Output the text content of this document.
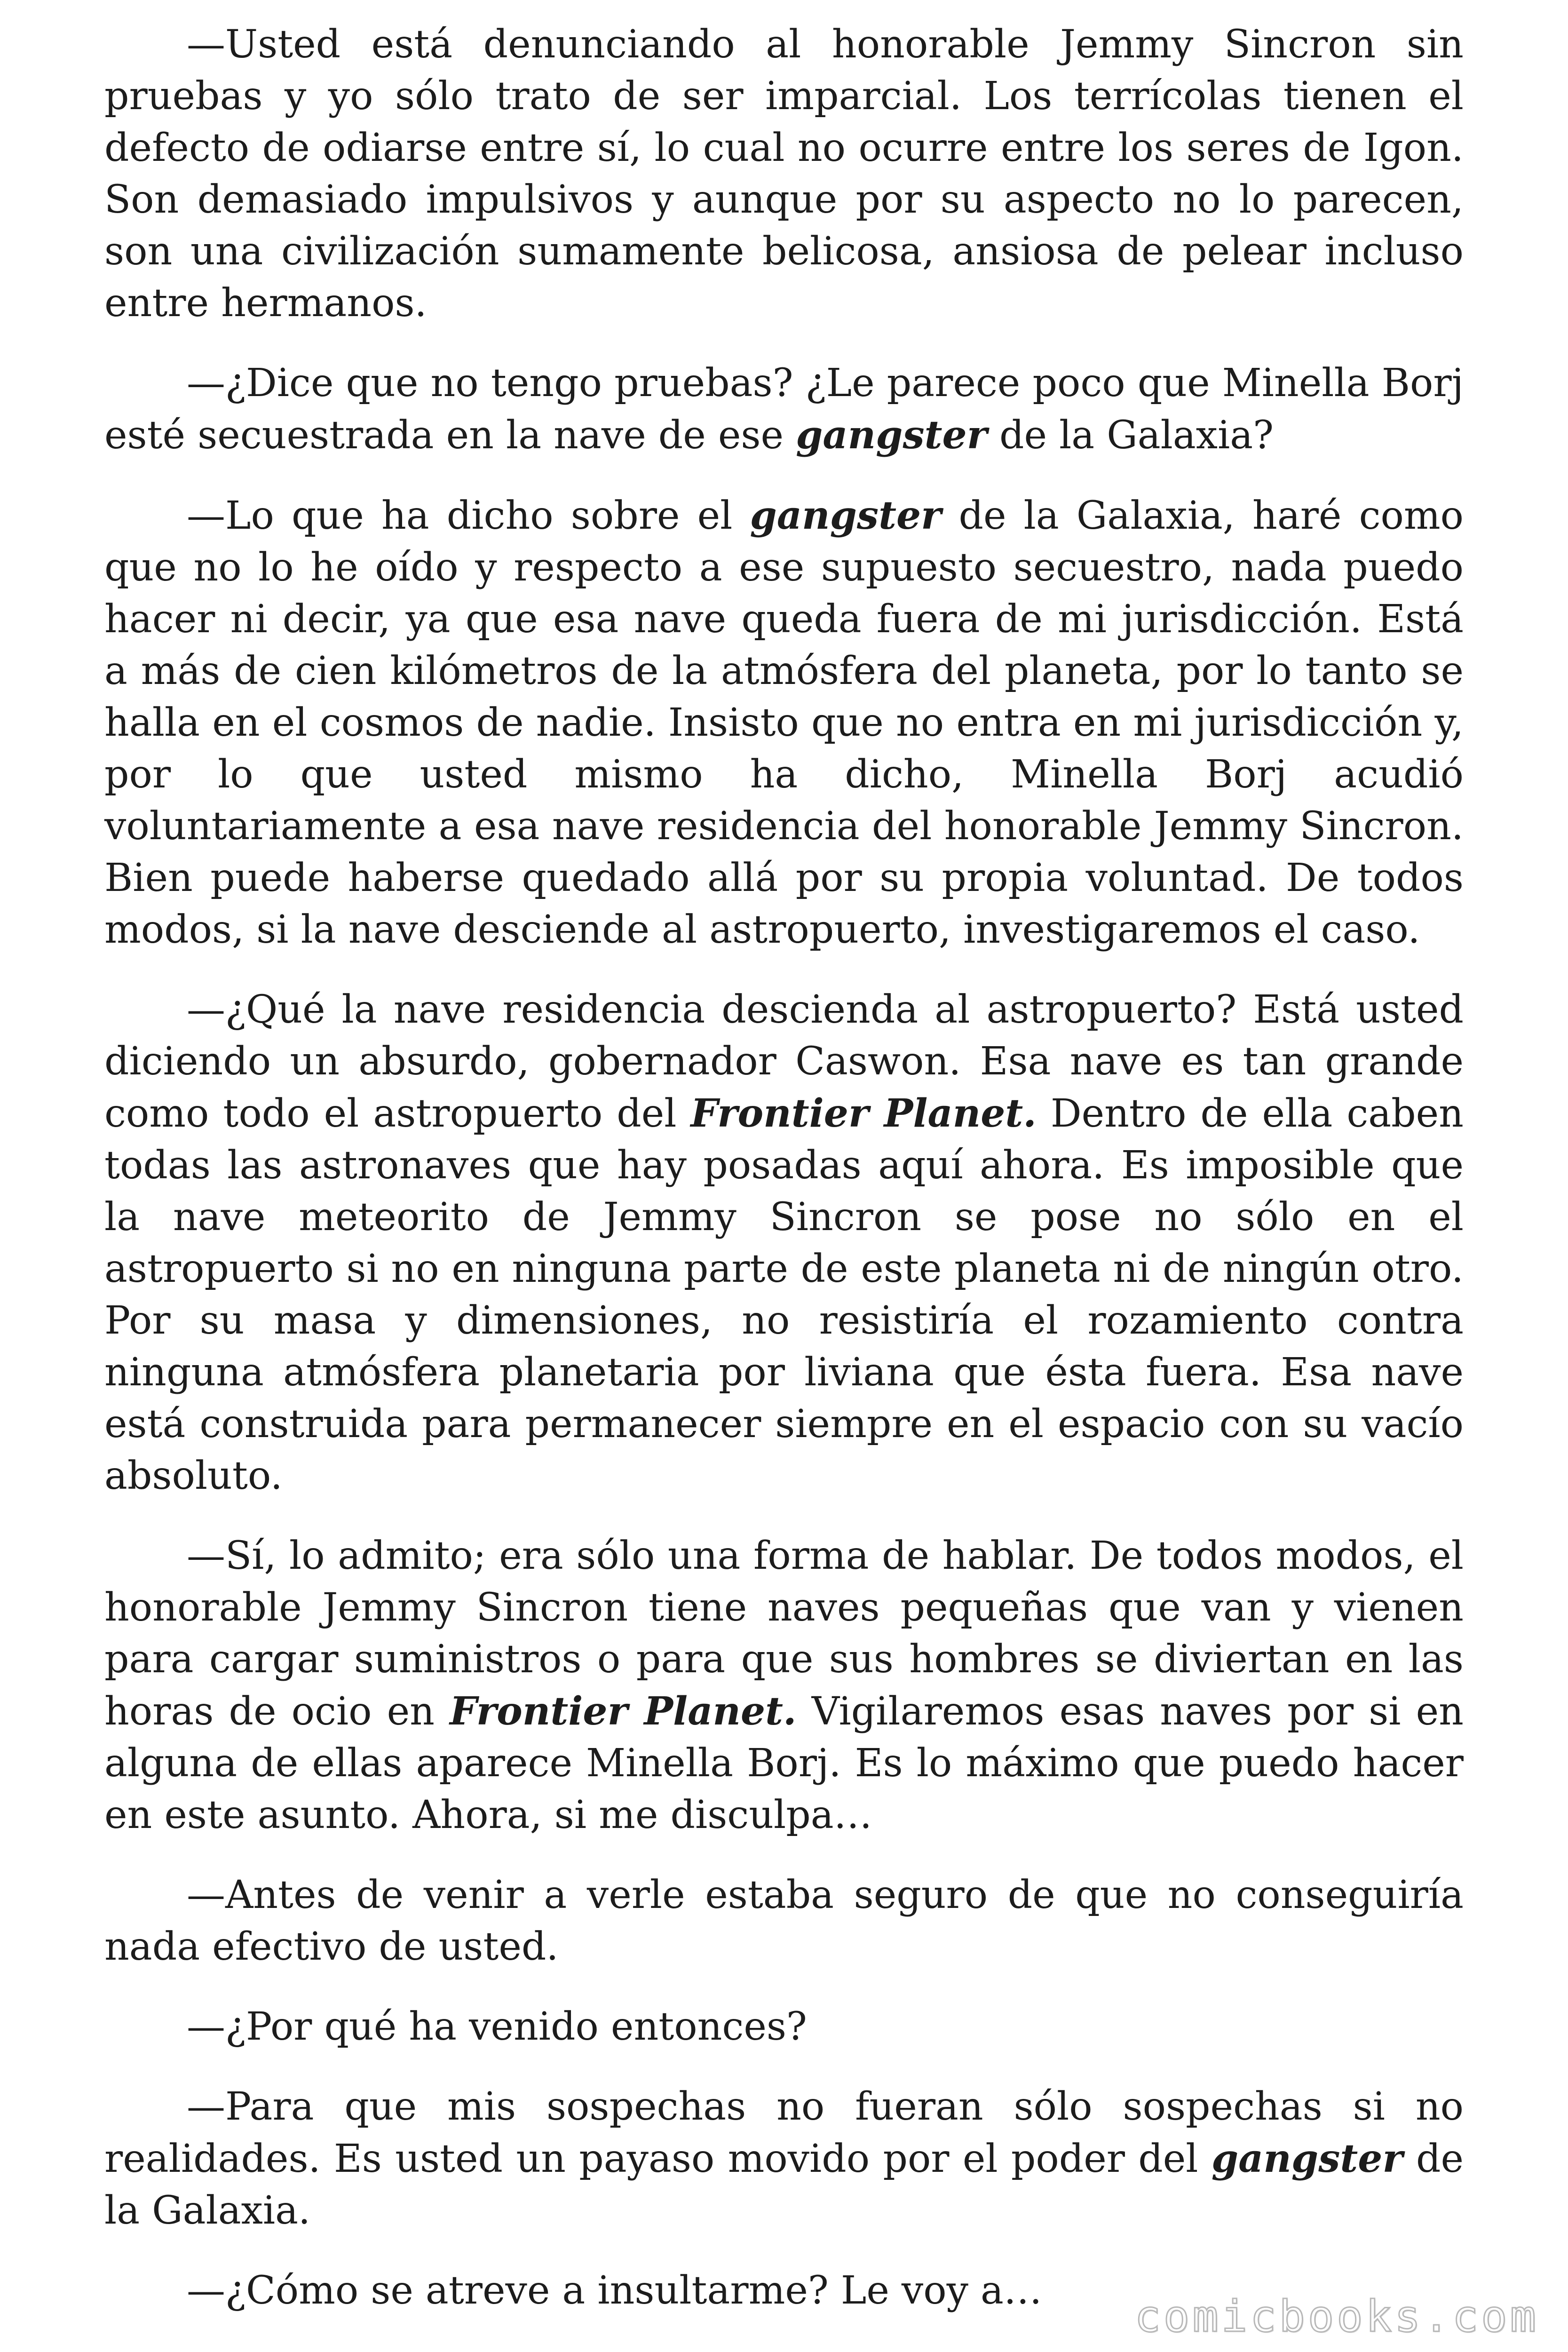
—Usted está denunciando al honorable Jemmy Sincron sin pruebas y yo sólo trato de ser imparcial. Los terrícolas tienen el defecto de odiarse entre sí, lo cual no ocurre entre los seres de Igon. Son demasiado impulsivos y aunque por su aspecto no lo parecen, son una civilización sumamente belicosa, ansiosa de pelear incluso entre hermanos.

—¿Dice que no tengo pruebas? ¿Le parece poco que Minella Borj esté secuestrada en la nave de ese gangster de la Galaxia?

—Lo que ha dicho sobre el gangster de la Galaxia, haré como que no lo he oído y respecto a ese supuesto secuestro, nada puedo hacer ni decir, ya que esa nave queda fuera de mi jurisdicción. Está a más de cien kilómetros de la atmósfera del planeta, por lo tanto se halla en el cosmos de nadie. Insisto que no entra en mi jurisdicción y, por lo que usted mismo ha dicho, Minella Borj acudió voluntariamente a esa nave residencia del honorable Jemmy Sincron. Bien puede haberse quedado allá por su propia voluntad. De todos modos, si la nave desciende al astropuerto, investigaremos el caso.

—¿Qué la nave residencia descienda al astropuerto? Está usted diciendo un absurdo, gobernador Caswon. Esa nave es tan grande como todo el astropuerto del Frontier Planet. Dentro de ella caben todas las astronaves que hay posadas aquí ahora. Es imposible que la nave meteorito de Jemmy Sincron se pose no sólo en el astropuerto si no en ninguna parte de este planeta ni de ningún otro. Por su masa y dimensiones, no resistiría el rozamiento contra ninguna atmósfera planetaria por liviana que ésta fuera. Esa nave está construida para permanecer siempre en el espacio con su vacío absoluto.

—Sí, lo admito; era sólo una forma de hablar. De todos modos, el honorable Jemmy Sincron tiene naves pequeñas que van y vienen para cargar suministros o para que sus hombres se diviertan en las horas de ocio en Frontier Planet. Vigilaremos esas naves por si en alguna de ellas aparece Minella Borj. Es lo máximo que puedo hacer en este asunto. Ahora, si me disculpa…

—Antes de venir a verle estaba seguro de que no conseguiría nada efectivo de usted.

—¿Por qué ha venido entonces?

—Para que mis sospechas no fueran sólo sospechas si no realidades. Es usted un payaso movido por el poder del gangster de la Galaxia.

—¿Cómo se atreve a insultarme? Le voy a…

comicbooks.com
